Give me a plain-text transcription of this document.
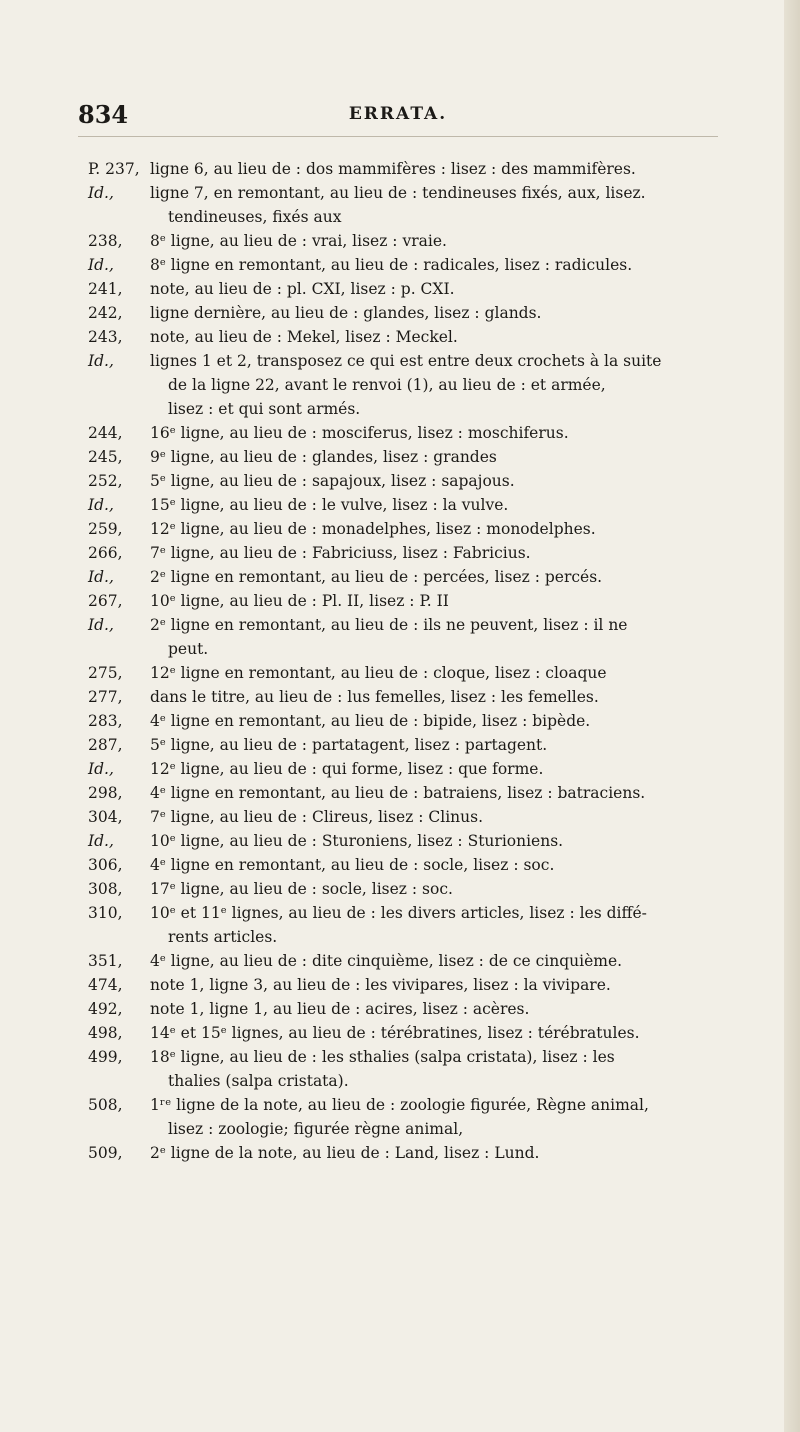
834	ERRATA.
P. 237, ligne 6, au lieu de : dos mammifères : lisez : des mammifères.
Id.,	ligne 7, en remontant, au lieu de : tendineuses fixés, aux, lisez.
tendineuses, fixés aux
238,	8ᵉ ligne, au lieu de : vrai, lisez : vraie.
Id.,	8ᵉ ligne en remontant, au lieu de : radicales, lisez : radicules.
241,	note, au lieu de : pl. CXI, lisez : p. CXI.
242,	ligne dernière, au lieu de : glandes, lisez : glands.
243,	note, au lieu de : Mekel, lisez : Meckel.
Id.,	lignes 1 et 2, transposez ce qui est entre deux crochets à la suite
de la ligne 22, avant le renvoi (1), au lieu de : et armée,
lisez : et qui sont armés.
244,	16ᵉ ligne, au lieu de : mosciferus, lisez : moschiferus.
245,	9ᵉ ligne, au lieu de : glandes, lisez : grandes
252,	5ᵉ ligne, au lieu de : sapajoux, lisez : sapajous.
Id.,	15ᵉ ligne, au lieu de : le vulve, lisez : la vulve.
259,	12ᵉ ligne, au lieu de : monadelphes, lisez : monodelphes.
266,	7ᵉ ligne, au lieu de : Fabriciuss, lisez : Fabricius.
Id.,	2ᵉ ligne en remontant, au lieu de : percées, lisez : percés.
267,	10ᵉ ligne, au lieu de : Pl. II, lisez : P. II
Id.,	2ᵉ ligne en remontant, au lieu de : ils ne peuvent, lisez : il ne
peut.
275,	12ᵉ ligne en remontant, au lieu de : cloque, lisez : cloaque
277,	dans le titre, au lieu de : lus femelles, lisez : les femelles.
283,	4ᵉ ligne en remontant, au lieu de : bipide, lisez : bipède.
287,	5ᵉ ligne, au lieu de : partatagent, lisez : partagent.
Id.,	12ᵉ ligne, au lieu de : qui forme, lisez : que forme.
298,	4ᵉ ligne en remontant, au lieu de : batraiens, lisez : batraciens.
304,	7ᵉ ligne, au lieu de : Clireus, lisez : Clinus.
Id.,	10ᵉ ligne, au lieu de : Sturoniens, lisez : Sturioniens.
306,	4ᵉ ligne en remontant, au lieu de : socle, lisez : soc.
308,	17ᵉ ligne, au lieu de : socle, lisez : soc.
310,	10ᵉ et 11ᵉ lignes, au lieu de : les divers articles, lisez : les diffé-
rents articles.
351,	4ᵉ ligne, au lieu de : dite cinquième, lisez : de ce cinquième.
474,	note 1, ligne 3, au lieu de : les vivipares, lisez : la vivipare.
492,	note 1, ligne 1, au lieu de : acires, lisez : acères.
498,	14ᵉ et 15ᵉ lignes, au lieu de : térébratines, lisez : térébratules.
499,	18ᵉ ligne, au lieu de : les sthalies (salpa cristata), lisez : les
thalies (salpa cristata).
508,	1ʳᵉ ligne de la note, au lieu de : zoologie figurée, Règne animal,
lisez : zoologie; figurée règne animal,
509,	2ᵉ ligne de la note, au lieu de : Land, lisez : Lund.
